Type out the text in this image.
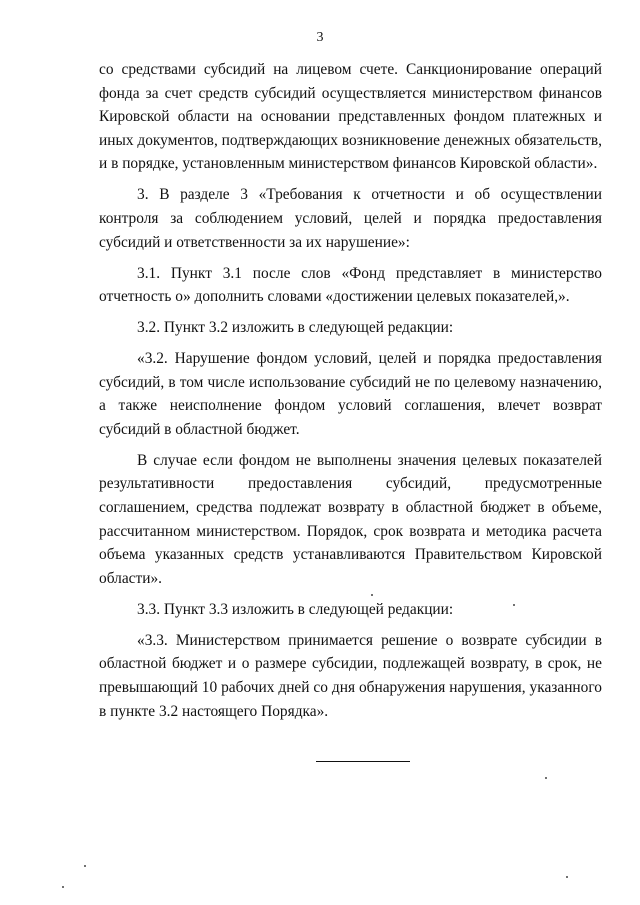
3

со средствами субсидий на лицевом счете. Санкционирование операций фонда за счет средств субсидий осуществляется министерством финансов Кировской области на основании представленных фондом платежных и иных документов, подтверждающих возникновение денежных обязательств, и в порядке, установленным министерством финансов Кировской области».

3. В разделе 3 «Требования к отчетности и об осуществлении контроля за соблюдением условий, целей и порядка предоставления субсидий и ответственности за их нарушение»:

3.1. Пункт 3.1 после слов «Фонд представляет в министерство отчетность о» дополнить словами «достижении целевых показателей,».

3.2. Пункт 3.2 изложить в следующей редакции:

«3.2. Нарушение фондом условий, целей и порядка предоставления субсидий, в том числе использование субсидий не по целевому назначению, а также неисполнение фондом условий соглашения, влечет возврат субсидий в областной бюджет.

В случае если фондом не выполнены значения целевых показателей результативности предоставления субсидий, предусмотренные соглашением, средства подлежат возврату в областной бюджет в объеме, рассчитанном министерством. Порядок, срок возврата и методика расчета объема указанных средств устанавливаются Правительством Кировской области».

3.3. Пункт 3.3 изложить в следующей редакции:

«3.3. Министерством принимается решение о возврате субсидии в областной бюджет и о размере субсидии, подлежащей возврату, в срок, не превышающий 10 рабочих дней со дня обнаружения нарушения, указанного в пункте 3.2 настоящего Порядка».
